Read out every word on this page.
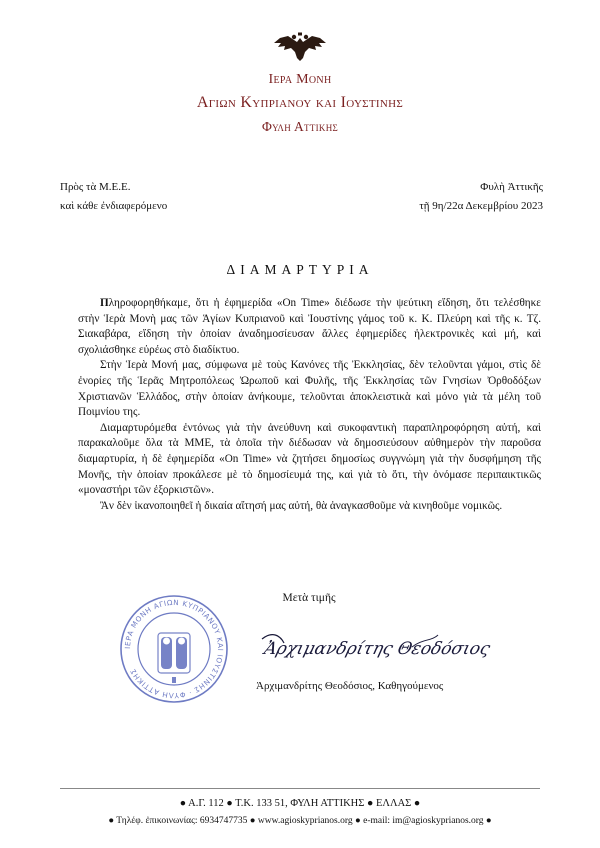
Ιερα Μονη
Αγιων Κυπριανου και Ιουστινης
Φυλη Αττικης
Πρὸς τὰ Μ.Ε.Ε.
καὶ κάθε ἐνδιαφερόμενο
Φυλὴ Ἀττικῆς
τῇ 9η/22α Δεκεμβρίου 2023
ΔΙΑΜΑΡΤΥΡΙΑ

Πληροφορηθήκαμε, ὅτι ἡ ἐφημερίδα «On Time» διέδωσε τὴν ψεύτικη εἴδηση, ὅτι τελέσθηκε στὴν Ἱερὰ Μονὴ μας τῶν Ἁγίων Κυπριανοῦ καὶ Ἰουστίνης γάμος τοῦ κ. Κ. Πλεύρη καὶ τῆς κ. Τζ. Σιακαβάρα, εἴδηση τὴν ὁποίαν ἀναδημοσίευσαν ἄλλες ἐφημερίδες ἠλεκτρονικὲς καὶ μή, καὶ σχολιάσθηκε εὐρέως στὸ διαδίκτυο.

Στὴν Ἱερὰ Μονή μας, σύμφωνα μὲ τοὺς Κανόνες τῆς Ἐκκλησίας, δὲν τελοῦνται γάμοι, στὶς δὲ ἐνορίες τῆς Ἱερᾶς Μητροπόλεως Ὠρωποῦ καὶ Φυλῆς, τῆς Ἐκκλησίας τῶν Γνησίων Ὀρθοδόξων Χριστιανῶν Ἑλλάδος, στὴν ὁποίαν ἀνήκουμε, τελοῦνται ἀποκλειστικὰ καὶ μόνο γιὰ τὰ μέλη τοῦ Ποιμνίου της.

Διαμαρτυρόμεθα ἐντόνως γιὰ τὴν ἀνεύθυνη καὶ συκοφαντικὴ παραπληροφόρηση αὐτή, καὶ παρακαλοῦμε ὅλα τὰ ΜΜΕ, τὰ ὁποῖα τὴν διέδωσαν νὰ δημοσιεύσουν αὐθημερὸν τὴν παροῦσα διαμαρτυρία, ἡ δὲ ἐφημερίδα «On Time» νὰ ζητήσει δημοσίως συγγνώμη γιὰ τὴν δυσφήμηση τῆς Μονῆς, τὴν ὁποίαν προκάλεσε μὲ τὸ δημοσίευμά της, καὶ γιὰ τὸ ὅτι, τὴν ὀνόμασε περιπαικτικῶς «μοναστήρι τῶν ἐξορκιστῶν».

Ἂν δὲν ἱκανοποιηθεῖ ἡ δικαία αἴτησή μας αὐτή, θὰ ἀναγκασθοῦμε νὰ κινηθοῦμε νομικῶς.

Μετὰ τιμῆς
ΙΕΡΑ ΜΟΝΗ ΑΓΙΩΝ ΚΥΠΡΙΑΝΟΥ ΚΑΙ ΙΟΥΣΤΙΝΗΣ · ΦΥΛΗ ΑΤΤΙΚΗΣ
Ἀρχιμανδρίτης Θεοδόσιος
Ἀρχιμανδρίτης Θεοδόσιος, Καθηγούμενος
● Α.Γ. 112 ● Τ.Κ. 133 51, ΦΥΛΗ ΑΤΤΙΚΗΣ ● ΕΛΛΑΣ ●
● Τηλέφ. ἐπικοινωνίας: 6934747735 ● www.agioskyprianos.org ● e-mail: im@agioskyprianos.org ●
